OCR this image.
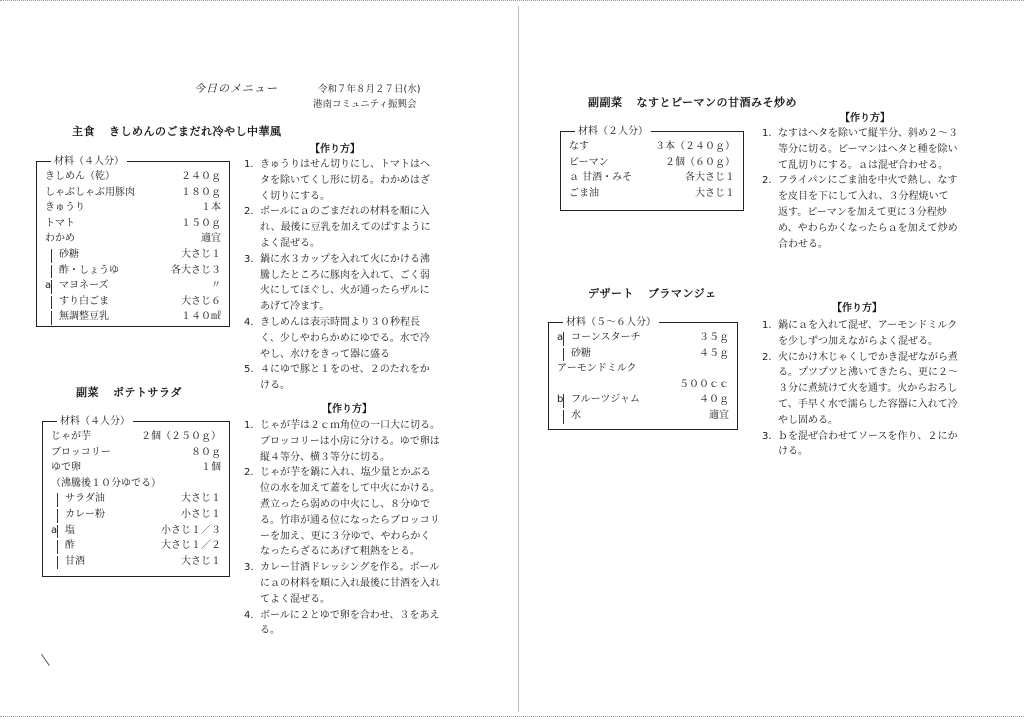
今日のメニュー	令和７年８月２７日(水)
港南コミュニティ振興会
主食 きしめんのごまだれ冷やし中華風
【作り方】
材料（４人分）
きしめん（乾）	２４０ｇ
しゃぶしゃぶ用豚肉	１８０ｇ
きゅうり	１本
トマト	１５０ｇ
わかめ	適宜
砂糖	大さじ１
酢・しょうゆ	各大さじ３
a マヨネーズ	〃
すり白ごま	大さじ６
無調整豆乳	１４０㎖
1. きゅうりはせん切りにし、トマトはヘタを除いてくし形に切る。わかめはざく切りにする。
2. ボールにａのごまだれの材料を順に入れ、最後に豆乳を加えてのばすようによく混ぜる。
3. 鍋に水３カップを入れて火にかける沸騰したところに豚肉を入れて、ごく弱火にしてほぐし、火が通ったらザルにあげて冷ます。
4. きしめんは表示時間より３０秒程長く、少しやわらかめにゆでる。水で冷やし、水けをきって器に盛る
5. ４にゆで豚と１をのせ、２のたれをかける。
副菜 ポテトサラダ
【作り方】
材料（４人分）
じゃが芋	２個（２５０ｇ）
ブロッコリー	８０ｇ
ゆで卵	１個
（沸騰後１０分ゆでる）
サラダ油	大さじ１
カレー粉	小さじ１
a 塩	小さじ１／３
酢	大さじ１／２
甘酒	大さじ１
1. じゃが芋は２ｃｍ角位の一口大に切る。ブロッコリーは小房に分ける。ゆで卵は縦４等分、横３等分に切る。
2. じゃが芋を鍋に入れ、塩少量とかぶる位の水を加えて蓋をして中火にかける。煮立ったら弱めの中火にし、８分ゆでる。竹串が通る位になったらブロッコリーを加え、更に３分ゆで、やわらかくなったらざるにあげて粗熱をとる。
3. カレー甘酒ドレッシングを作る。ボールにａの材料を順に入れ最後に甘酒を入れてよく混ぜる。
4. ボールに２とゆで卵を合わせ、３をあえる。
副副菜 なすとピーマンの甘酒みそ炒め
【作り方】
材料（２人分）
なす	３本（２４０ｇ）
ピーマン	２個（６０ｇ）
ａ 甘酒・みそ	各大さじ１
ごま油	大さじ１
1. なすはヘタを除いて縦半分、斜め２～３等分に切る。ピーマンはヘタと種を除いて乱切りにする。ａは混ぜ合わせる。
2. フライパンにごま油を中火で熱し、なすを皮目を下にして入れ、３分程焼いて返す。ピーマンを加えて更に３分程炒め、やわらかくなったらａを加えて炒め合わせる。
デザート ブラマンジェ
【作り方】
材料（５～６人分）
a コーンスターチ	３５ｇ
砂糖	４５ｇ
アーモンドミルク
５００ｃｃ
b フルーツジャム	４０ｇ
水	適宜
1. 鍋にａを入れて混ぜ、アーモンドミルクを少しずつ加えながらよく混ぜる。
2. 火にかけ木じゃくしでかき混ぜながら煮る。プツプツと沸いてきたら、更に２～３分に煮続けて火を通す。火からおろして、手早く水で濡らした容器に入れて冷やし固める。
3. ｂを混ぜ合わせてソースを作り、２にかける。
